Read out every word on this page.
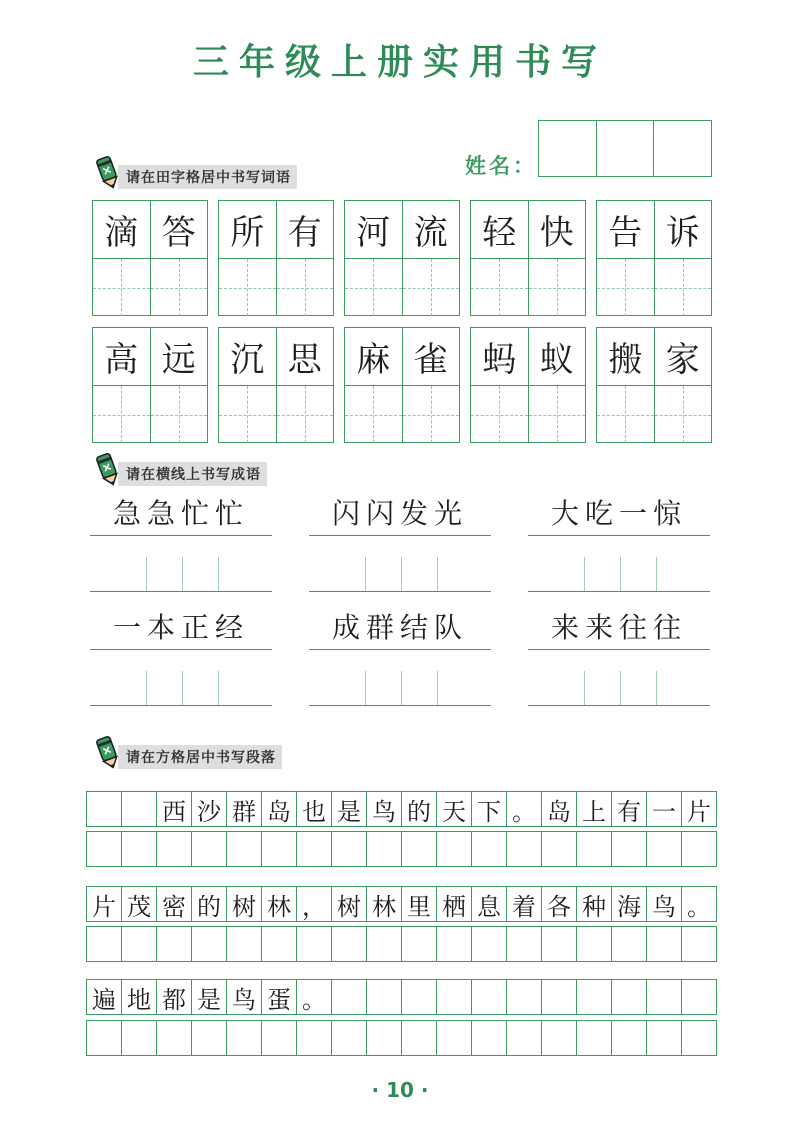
三年级上册实用书写
姓名：
请在田字格居中书写词语
滴 答	所 有	河 流	轻 快	告 诉
高 远	沉 思	麻 雀	蚂 蚁	搬 家
请在横线上书写成语
急急忙忙	闪闪发光	大吃一惊
一本正经	成群结队	来来往往
请在方格居中书写段落
西 沙 群 岛 也 是 鸟 的 天 下 。 岛 上 有 一 片
片 茂 密 的 树 林 ， 树 林 里 栖 息 着 各 种 海 鸟 。
遍 地 都 是 鸟 蛋 。
· 10 ·
